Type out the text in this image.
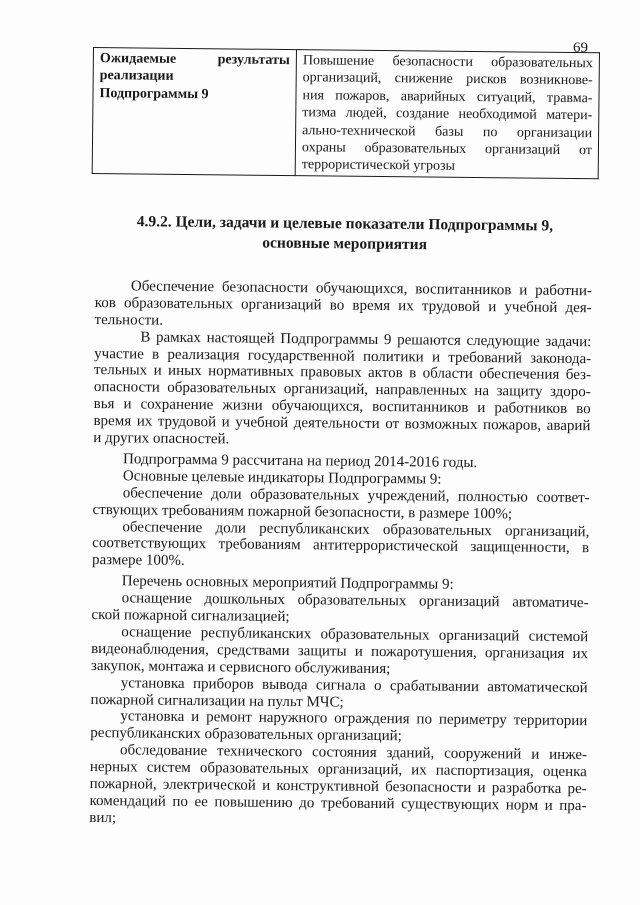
69
Ожидаемые результаты
реализации
Подпрограммы 9

Повышение безопасности образовательных
организаций, снижение рисков возникнове-
ния пожаров, аварийных ситуаций, травма-
тизма людей, создание необходимой матери-
ально-технической базы по организации
охраны образовательных организаций от
террористической угрозы
4.9.2. Цели, задачи и целевые показатели Подпрограммы 9,
основные мероприятия
Обеспечение безопасности обучающихся, воспитанников и работни-
ков образовательных организаций во время их трудовой и учебной дея-
тельности.
В рамках настоящей Подпрограммы 9 решаются следующие задачи:
участие в реализация государственной политики и требований законода-
тельных и иных нормативных правовых актов в области обеспечения без-
опасности образовательных организаций, направленных на защиту здоро-
вья и сохранение жизни обучающихся, воспитанников и работников во
время их трудовой и учебной деятельности от возможных пожаров, аварий
и других опасностей.
Подпрограмма 9 рассчитана на период 2014-2016 годы.
Основные целевые индикаторы Подпрограммы 9:
обеспечение доли образовательных учреждений, полностью соответ-
ствующих требованиям пожарной безопасности, в размере 100%;
обеспечение доли республиканских образовательных организаций,
соответствующих требованиям антитеррористической защищенности, в
размере 100%.
Перечень основных мероприятий Подпрограммы 9:
оснащение дошкольных образовательных организаций автоматиче-
ской пожарной сигнализацией;
оснащение республиканских образовательных организаций системой
видеонаблюдения, средствами защиты и пожаротушения, организация их
закупок, монтажа и сервисного обслуживания;
установка приборов вывода сигнала о срабатывании автоматической
пожарной сигнализации на пульт МЧС;
установка и ремонт наружного ограждения по периметру территории
республиканских образовательных организаций;
обследование технического состояния зданий, сооружений и инже-
нерных систем образовательных организаций, их паспортизация, оценка
пожарной, электрической и конструктивной безопасности и разработка ре-
комендаций по ее повышению до требований существующих норм и пра-
вил;
